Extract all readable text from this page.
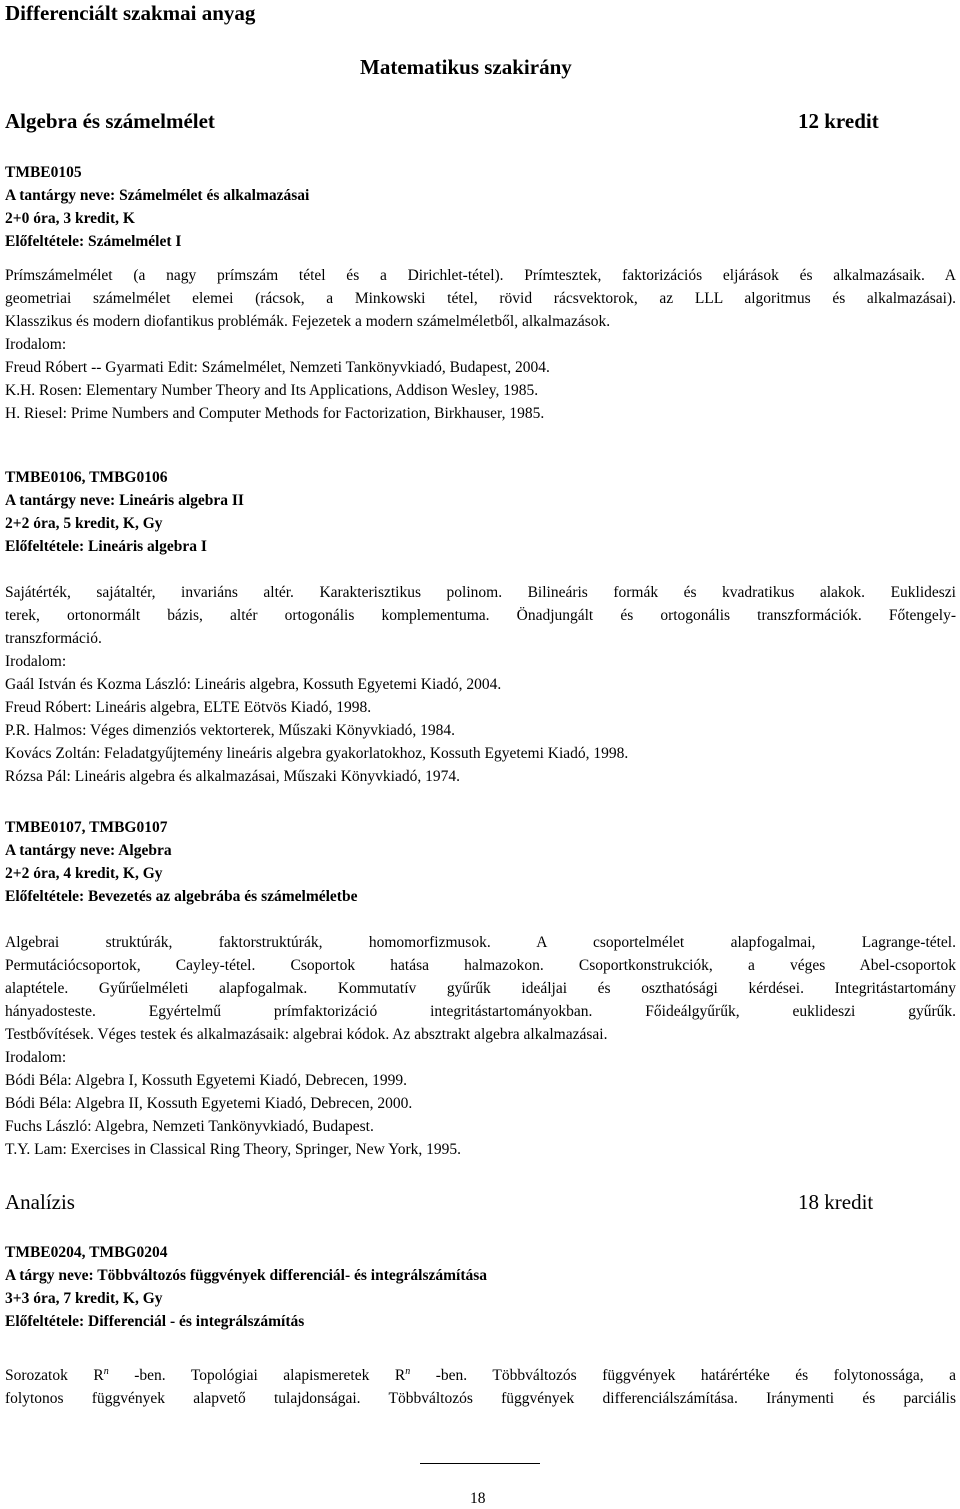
Differenciált szakmai anyag
Matematikus szakirány
Algebra és számelmélet	12 kredit
TMBE0105
A tantárgy neve: Számelmélet és alkalmazásai
2+0 óra, 3 kredit, K
Előfeltétele: Számelmélet I
Prímszámelmélet (a nagy prímszám tétel és a Dirichlet-tétel). Prímtesztek, faktorizációs eljárások és alkalmazásaik. A
geometriai számelmélet elemei (rácsok, a Minkowski tétel, rövid rácsvektorok, az LLL algoritmus és alkalmazásai).
Klasszikus és modern diofantikus problémák. Fejezetek a modern számelméletből, alkalmazások.
Irodalom:
Freud Róbert -- Gyarmati Edit: Számelmélet, Nemzeti Tankönyvkiadó, Budapest, 2004.
K.H. Rosen: Elementary Number Theory and Its Applications, Addison Wesley, 1985.
H. Riesel: Prime Numbers and Computer Methods for Factorization, Birkhauser, 1985.
TMBE0106, TMBG0106
A tantárgy neve: Lineáris algebra II
2+2 óra, 5 kredit, K, Gy
Előfeltétele: Lineáris algebra I
Sajátérték, sajátaltér, invariáns altér. Karakterisztikus polinom. Bilineáris formák és kvadratikus alakok. Euklideszi
terek, ortonormált bázis, altér ortogonális komplementuma. Önadjungált és ortogonális transzformációk. Főtengely-
transzformáció.
Irodalom:
Gaál István és Kozma László: Lineáris algebra, Kossuth Egyetemi Kiadó, 2004.
Freud Róbert: Lineáris algebra, ELTE Eötvös Kiadó, 1998.
P.R. Halmos: Véges dimenziós vektorterek, Műszaki Könyvkiadó, 1984.
Kovács Zoltán: Feladatgyűjtemény lineáris algebra gyakorlatokhoz, Kossuth Egyetemi Kiadó, 1998.
Rózsa Pál: Lineáris algebra és alkalmazásai, Műszaki Könyvkiadó, 1974.
TMBE0107, TMBG0107
A tantárgy neve: Algebra
2+2 óra, 4 kredit, K, Gy
Előfeltétele: Bevezetés az algebrába és számelméletbe
Algebrai struktúrák, faktorstruktúrák, homomorfizmusok. A csoportelmélet alapfogalmai, Lagrange-tétel.
Permutációcsoportok, Cayley-tétel. Csoportok hatása halmazokon. Csoportkonstrukciók, a véges Abel-csoportok
alaptétele. Gyűrűelméleti alapfogalmak. Kommutatív gyűrűk ideáljai és oszthatósági kérdései. Integritástartomány
hányadosteste. Egyértelmű prímfaktorizáció integritástartományokban. Főideálgyűrűk, euklideszi gyűrűk.
Testbővítések. Véges testek és alkalmazásaik: algebrai kódok. Az absztrakt algebra alkalmazásai.
Irodalom:
Bódi Béla: Algebra I, Kossuth Egyetemi Kiadó, Debrecen, 1999.
Bódi Béla: Algebra II, Kossuth Egyetemi Kiadó, Debrecen, 2000.
Fuchs László: Algebra, Nemzeti Tankönyvkiadó, Budapest.
T.Y. Lam: Exercises in Classical Ring Theory, Springer, New York, 1995.
Analízis	18 kredit
TMBE0204, TMBG0204
A tárgy neve: Többváltozós függvények differenciál- és integrálszámítása
3+3 óra, 7 kredit, K, Gy
Előfeltétele: Differenciál - és integrálszámítás
Sorozatok $R^n$ -ben. Topológiai alapismeretek $R^n$ -ben. Többváltozós függvények határértéke és folytonossága, a
folytonos függvények alapvető tulajdonságai. Többváltozós függvények differenciálszámítása. Iránymenti és parciális
18
